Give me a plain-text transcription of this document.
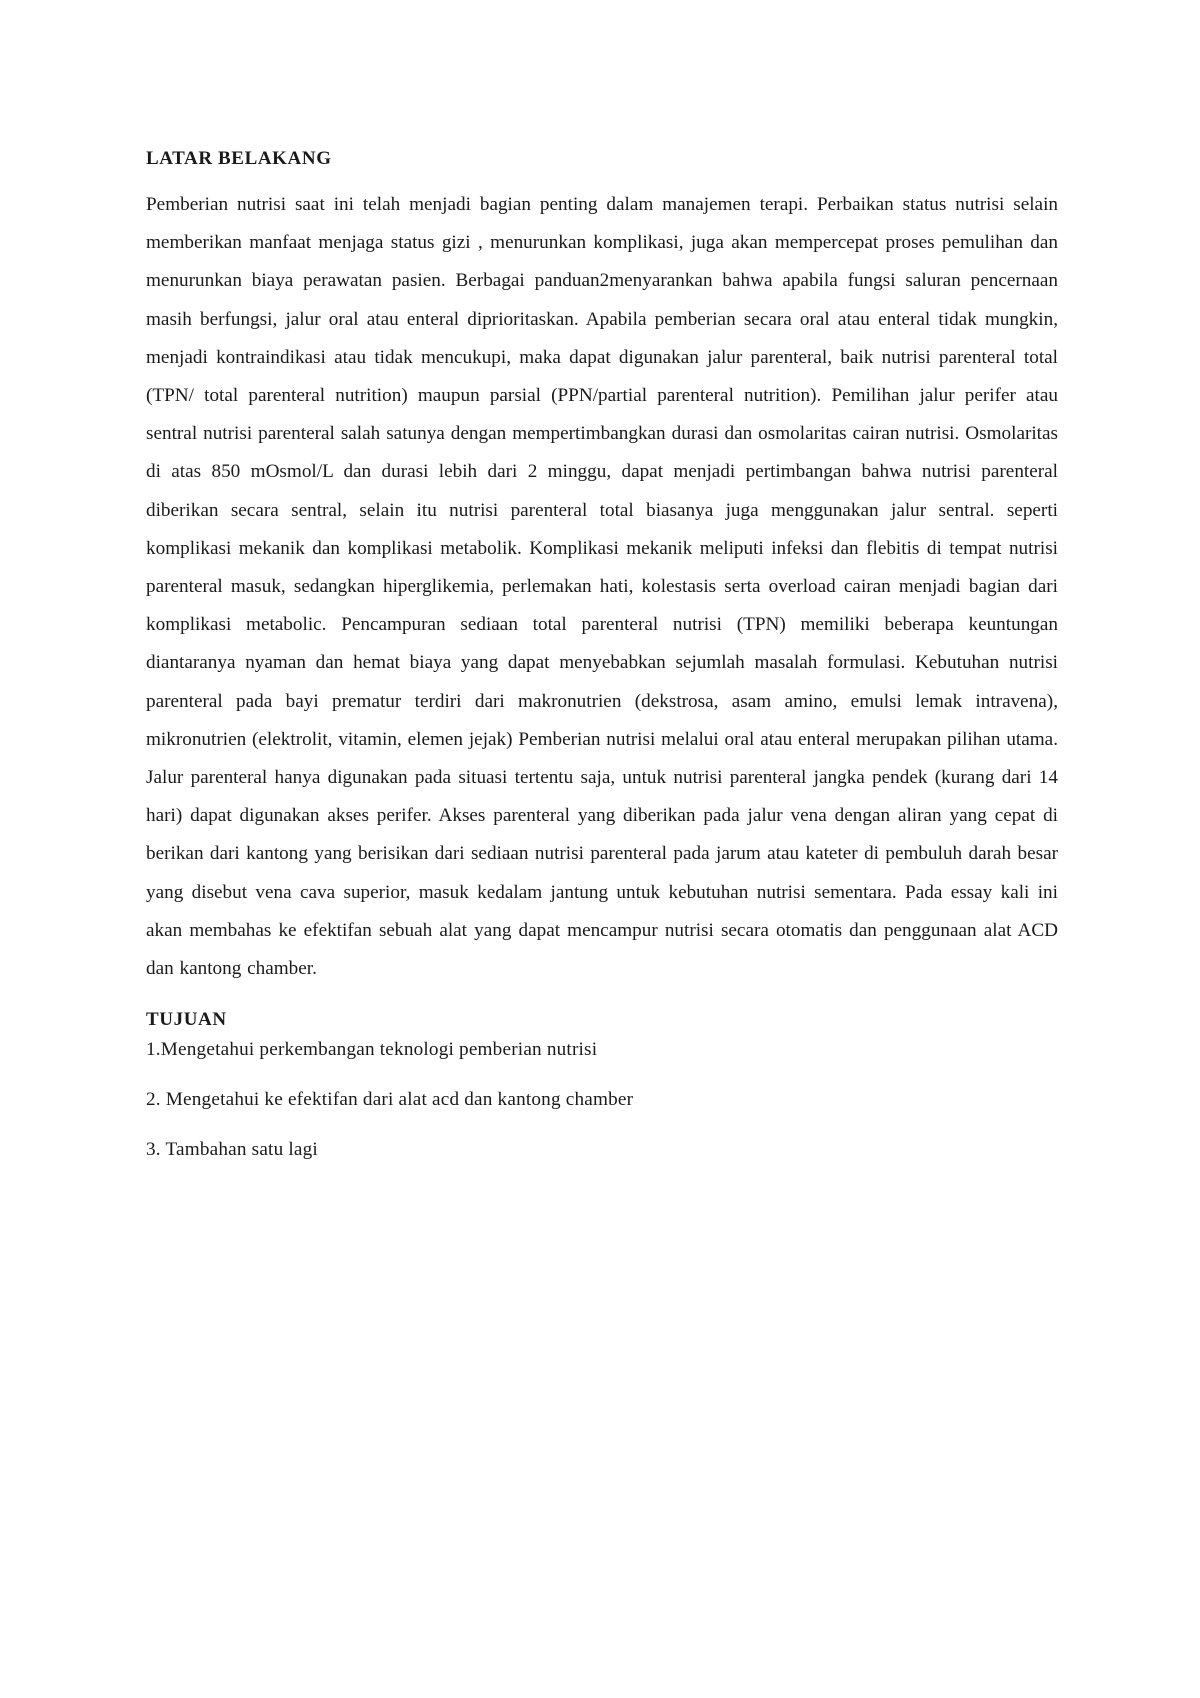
LATAR BELAKANG

Pemberian nutrisi saat ini telah menjadi bagian penting dalam manajemen terapi. Perbaikan status nutrisi selain memberikan manfaat menjaga status gizi , menurunkan komplikasi, juga akan mempercepat proses pemulihan dan menurunkan biaya perawatan pasien. Berbagai panduan2menyarankan bahwa apabila fungsi saluran pencernaan masih berfungsi, jalur oral atau enteral diprioritaskan. Apabila pemberian secara oral atau enteral tidak mungkin, menjadi kontraindikasi atau tidak mencukupi, maka dapat digunakan jalur parenteral, baik nutrisi parenteral total (TPN/ total parenteral nutrition) maupun parsial (PPN/partial parenteral nutrition). Pemilihan jalur perifer atau sentral nutrisi parenteral salah satunya dengan mempertimbangkan durasi dan osmolaritas cairan nutrisi. Osmolaritas di atas 850 mOsmol/L dan durasi lebih dari 2 minggu, dapat menjadi pertimbangan bahwa nutrisi parenteral diberikan secara sentral, selain itu nutrisi parenteral total biasanya juga menggunakan jalur sentral. seperti komplikasi mekanik dan komplikasi metabolik. Komplikasi mekanik meliputi infeksi dan flebitis di tempat nutrisi parenteral masuk, sedangkan hiperglikemia, perlemakan hati, kolestasis serta overload cairan menjadi bagian dari komplikasi metabolic. Pencampuran sediaan total parenteral nutrisi (TPN) memiliki beberapa keuntungan diantaranya nyaman dan hemat biaya yang dapat menyebabkan sejumlah masalah formulasi. Kebutuhan nutrisi parenteral pada bayi prematur terdiri dari makronutrien (dekstrosa, asam amino, emulsi lemak intravena), mikronutrien (elektrolit, vitamin, elemen jejak) Pemberian nutrisi melalui oral atau enteral merupakan pilihan utama. Jalur parenteral hanya digunakan pada situasi tertentu saja, untuk nutrisi parenteral jangka pendek (kurang dari 14 hari) dapat digunakan akses perifer. Akses parenteral yang diberikan pada jalur vena dengan aliran yang cepat di berikan dari kantong yang berisikan dari sediaan nutrisi parenteral pada jarum atau kateter di pembuluh darah besar yang disebut vena cava superior, masuk kedalam jantung untuk kebutuhan nutrisi sementara. Pada essay kali ini akan membahas ke efektifan sebuah alat yang dapat mencampur nutrisi secara otomatis dan penggunaan alat ACD dan kantong chamber.

TUJUAN
1.Mengetahui perkembangan teknologi pemberian nutrisi
2. Mengetahui ke efektifan dari alat acd dan kantong chamber
3. Tambahan satu lagi
